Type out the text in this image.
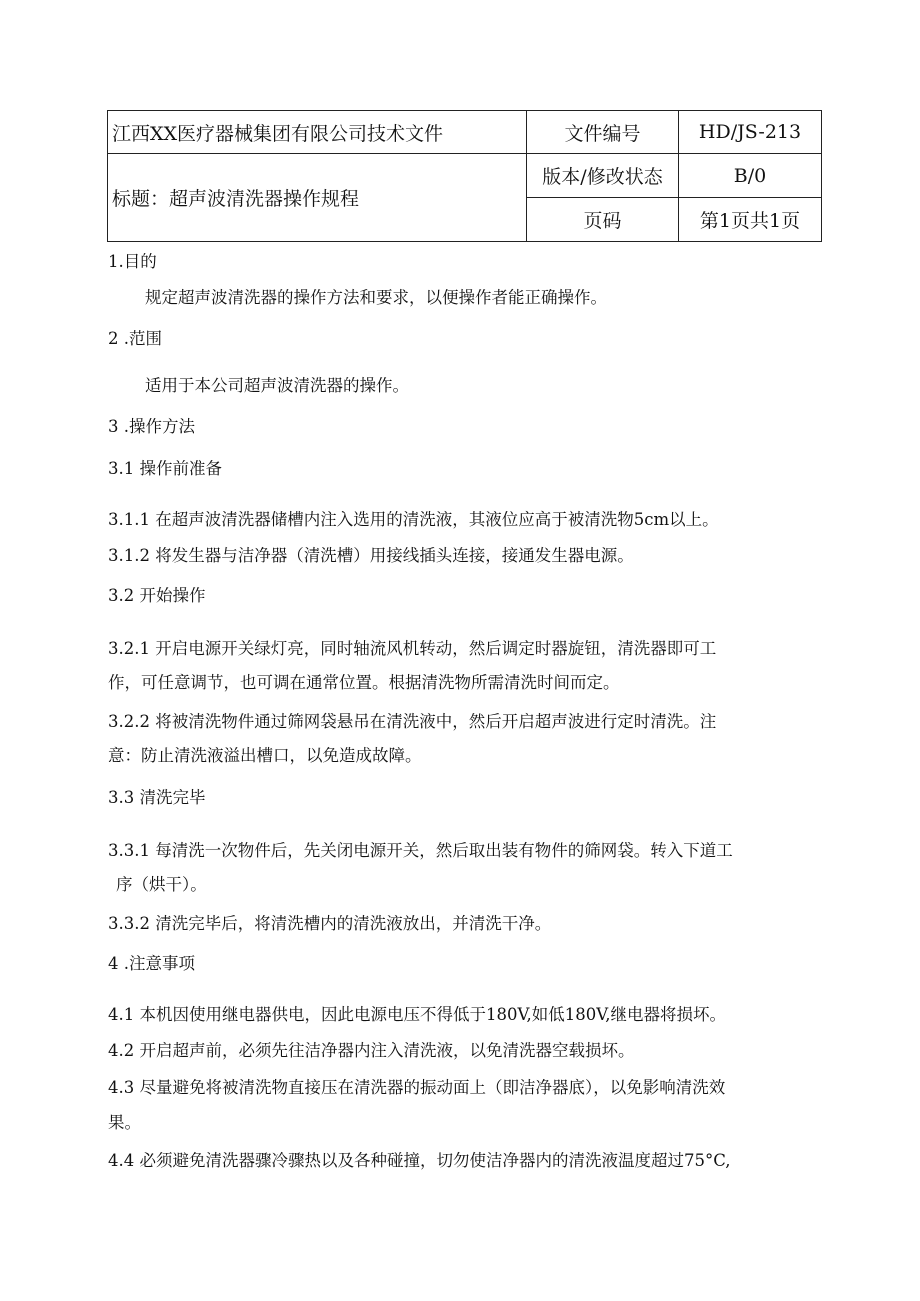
江西XX医疗器械集团有限公司技术文件	文件编号	HD/JS-213
标题：超声波清洗器操作规程	版本/修改状态	B/0
	页码	第1页共1页
1.目的
规定超声波清洗器的操作方法和要求，以便操作者能正确操作。
2 .范围
适用于本公司超声波清洗器的操作。
3 .操作方法
3.1 操作前准备
3.1.1 在超声波清洗器储槽内注入选用的清洗液，其液位应高于被清洗物5cm以上。
3.1.2 将发生器与洁净器（清洗槽）用接线插头连接，接通发生器电源。
3.2 开始操作
3.2.1 开启电源开关绿灯亮，同时轴流风机转动，然后调定时器旋钮，清洗器即可工
作，可任意调节，也可调在通常位置。根据清洗物所需清洗时间而定。
3.2.2 将被清洗物件通过筛网袋悬吊在清洗液中，然后开启超声波进行定时清洗。注
意：防止清洗液溢出槽口，以免造成故障。
3.3 清洗完毕
3.3.1 每清洗一次物件后，先关闭电源开关，然后取出装有物件的筛网袋。转入下道工
序（烘干）。
3.3.2 清洗完毕后，将清洗槽内的清洗液放出，并清洗干净。
4 .注意事项
4.1 本机因使用继电器供电，因此电源电压不得低于180V,如低180V,继电器将损坏。
4.2 开启超声前，必须先往洁净器内注入清洗液，以免清洗器空载损坏。
4.3 尽量避免将被清洗物直接压在清洗器的振动面上（即洁净器底），以免影响清洗效
果。
4.4 必须避免清洗器骤冷骤热以及各种碰撞，切勿使洁净器内的清洗液温度超过75°C,
